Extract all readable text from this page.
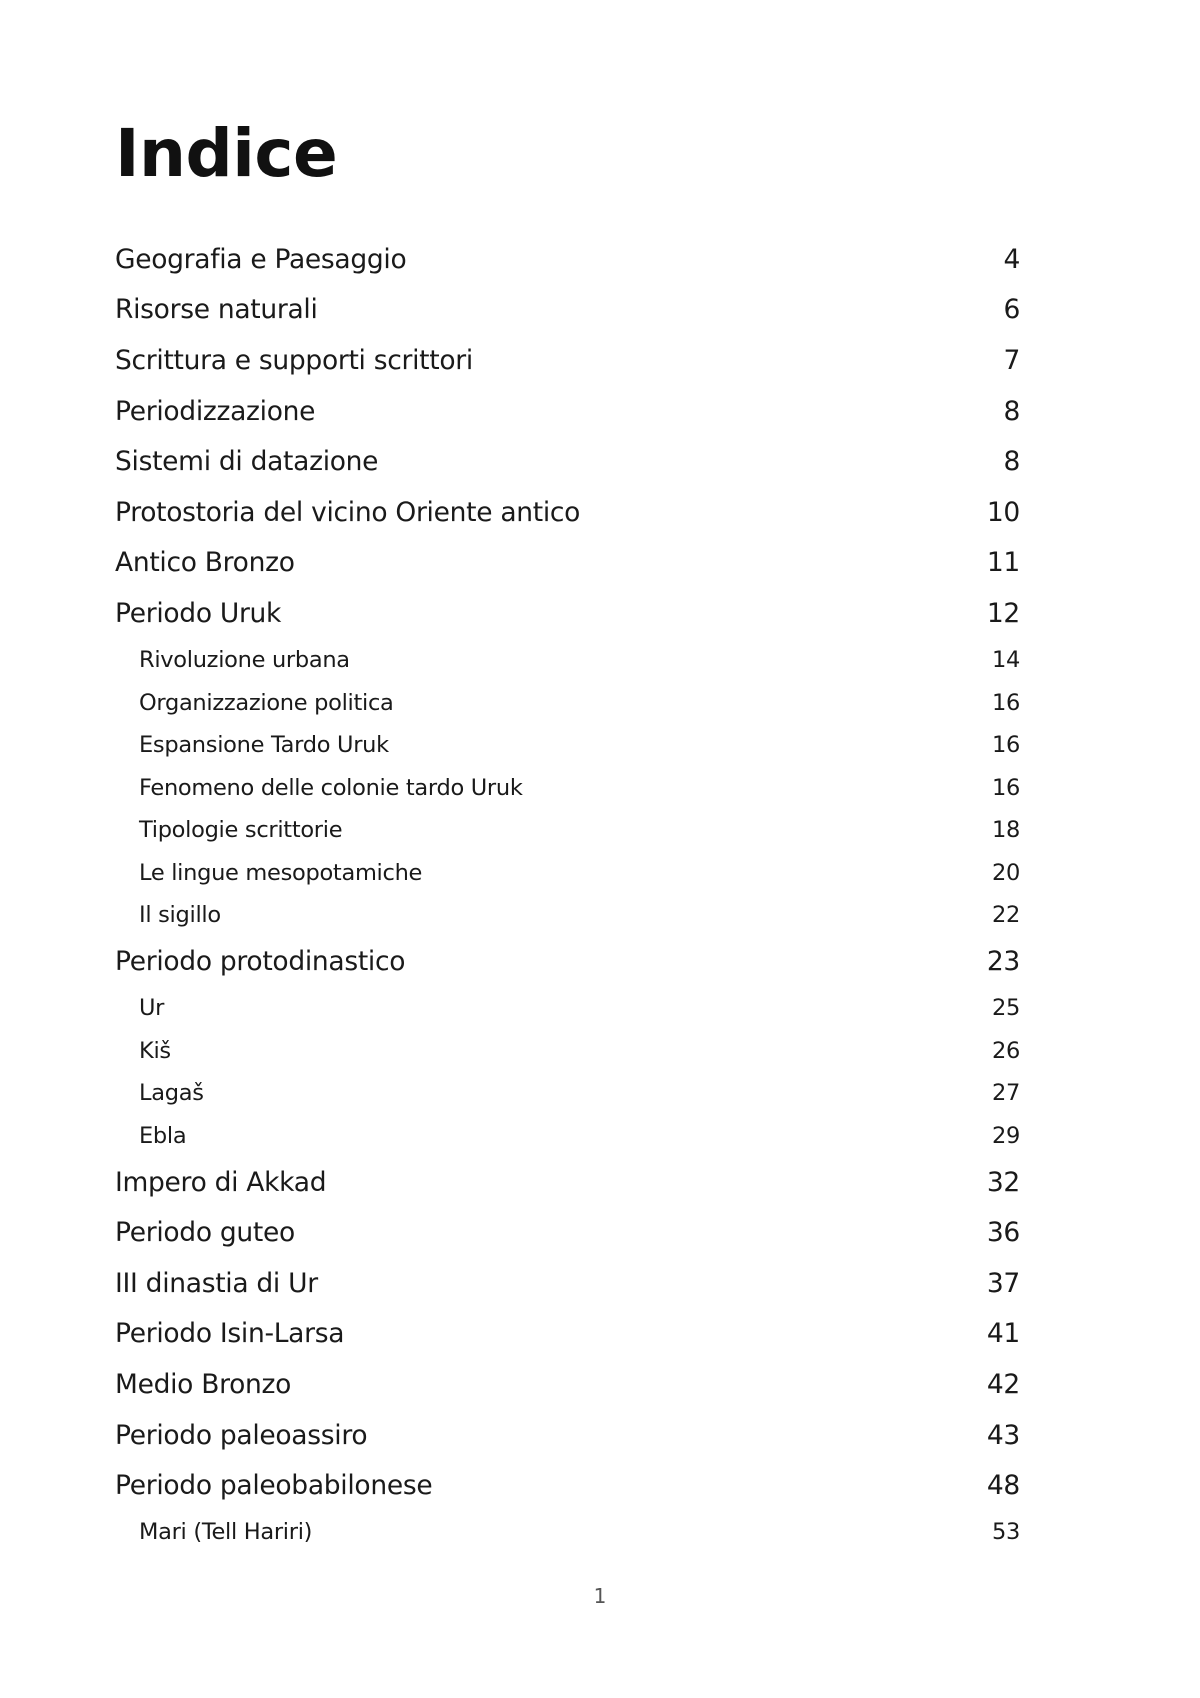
Indice
Geografia e Paesaggio	4
Risorse naturali	6
Scrittura e supporti scrittori	7
Periodizzazione	8
Sistemi di datazione	8
Protostoria del vicino Oriente antico	10
Antico Bronzo	11
Periodo Uruk	12
Rivoluzione urbana	14
Organizzazione politica	16
Espansione Tardo Uruk	16
Fenomeno delle colonie tardo Uruk	16
Tipologie scrittorie	18
Le lingue mesopotamiche	20
Il sigillo	22
Periodo protodinastico	23
Ur	25
Kiš	26
Lagaš	27
Ebla	29
Impero di Akkad	32
Periodo guteo	36
III dinastia di Ur	37
Periodo Isin-Larsa	41
Medio Bronzo	42
Periodo paleoassiro	43
Periodo paleobabilonese	48
Mari (Tell Hariri)	53
1
